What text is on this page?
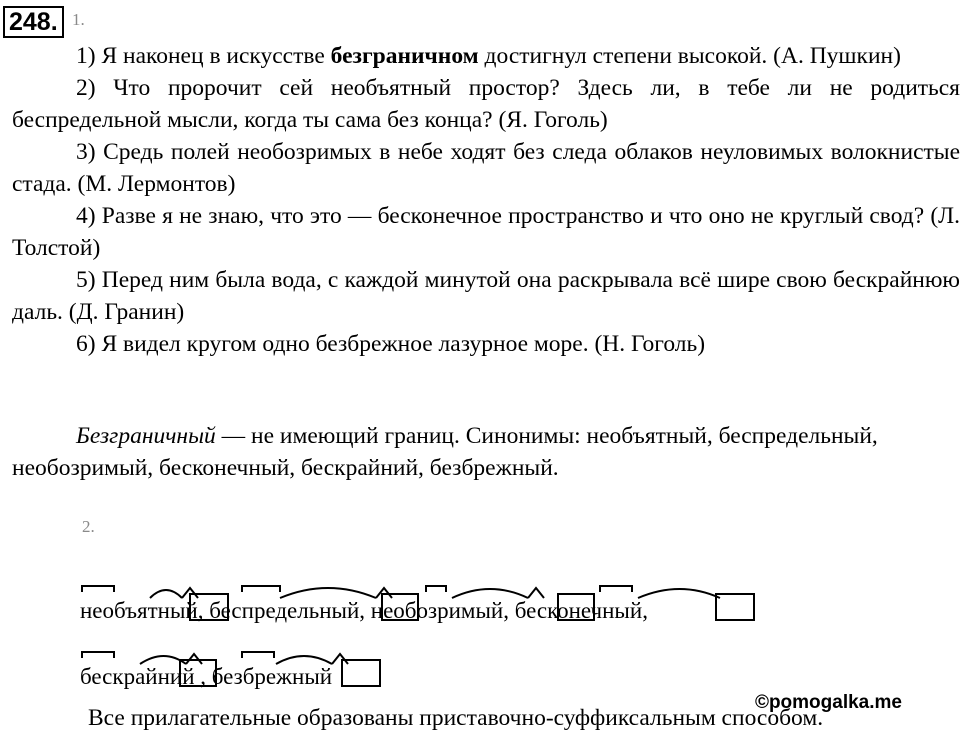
248. 1.

1) Я наконец в искусстве безграничном достигнул степени высокой. (А. Пушкин)

2) Что пророчит сей необъятный простор? Здесь ли, в тебе ли не родиться беспредельной мысли, когда ты сама без конца? (Я. Гоголь)

3) Средь полей необозримых в небе ходят без следа облаков неуловимых волокнистые стада. (М. Лермонтов)

4) Разве я не знаю, что это — бесконечное пространство и что оно не круглый свод? (Л. Толстой)

5) Перед ним была вода, с каждой минутой она раскрывала всё шире свою бескрайнюю даль. (Д. Гранин)

6) Я видел кругом одно безбрежное лазурное море. (Н. Гоголь)

Безграничный — не имеющий границ. Синонимы: необъятный, беспредельный, необозримый, бесконечный, бескрайний, безбрежный.

2.
необъятный, беспредельный, необозримый, бесконечный,
бескрайний , безбрежный
©pomogalka.me
Все прилагательные образованы приставочно-суффиксальным способом.
